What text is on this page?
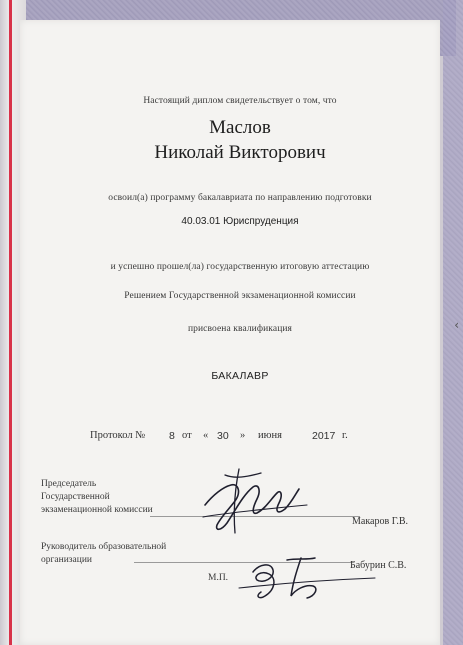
‹
Настоящий диплом свидетельствует о том, что
Маслов
Николай Викторович
освоил(а) программу бакалавриата по направлению подготовки
40.03.01 Юриспруденция
и успешно прошел(ла) государственную итоговую аттестацию
Решением Государственной экзаменационной комиссии
присвоена квалификация
БАКАЛАВР
Протокол № 8 от « 30 » июня	2017 г.
Председатель
Государственной
экзаменационной комиссии
Руководитель образовательной
организации
Макаров Г.В.
Бабурин С.В.
М.П.
